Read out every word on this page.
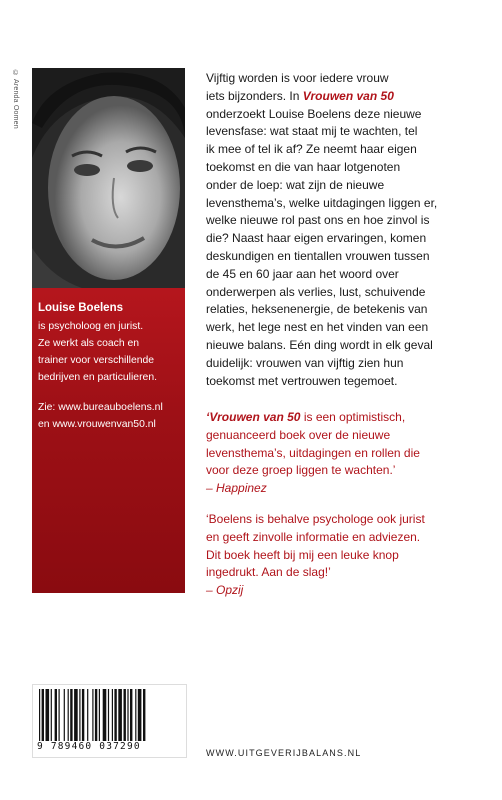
© Arenda Oomen
Louise Boelens
is psycholoog en jurist.
Ze werkt als coach en
trainer voor verschillende
bedrijven en particulieren.
Zie: www.bureauboelens.nl
en www.vrouwenvan50.nl
Vijftig worden is voor iedere vrouw
iets bijzonders. In Vrouwen van 50
onderzoekt Louise Boelens deze nieuwe
levensfase: wat staat mij te wachten, tel
ik mee of tel ik af? Ze neemt haar eigen
toekomst en die van haar lotgenoten
onder de loep: wat zijn de nieuwe
levensthema’s, welke uitdagingen liggen er,
welke nieuwe rol past ons en hoe zinvol is
die? Naast haar eigen ervaringen, komen
deskundigen en tientallen vrouwen tussen
de 45 en 60 jaar aan het woord over
onderwerpen als verlies, lust, schuivende
relaties, heksenenergie, de betekenis van
werk, het lege nest en het vinden van een
nieuwe balans. Eén ding wordt in elk geval
duidelijk: vrouwen van vijftig zien hun
toekomst met vertrouwen tegemoet.
‘Vrouwen van 50 is een optimistisch,
genuanceerd boek over de nieuwe
levensthema’s, uitdagingen en rollen die
voor deze groep liggen te wachten.’
– Happinez
‘Boelens is behalve psychologe ook jurist
en geeft zinvolle informatie en adviezen.
Dit boek heeft bij mij een leuke knop
ingedrukt. Aan de slag!’
– Opzij
9 789460 037290
WWW.UITGEVERIJBALANS.NL
